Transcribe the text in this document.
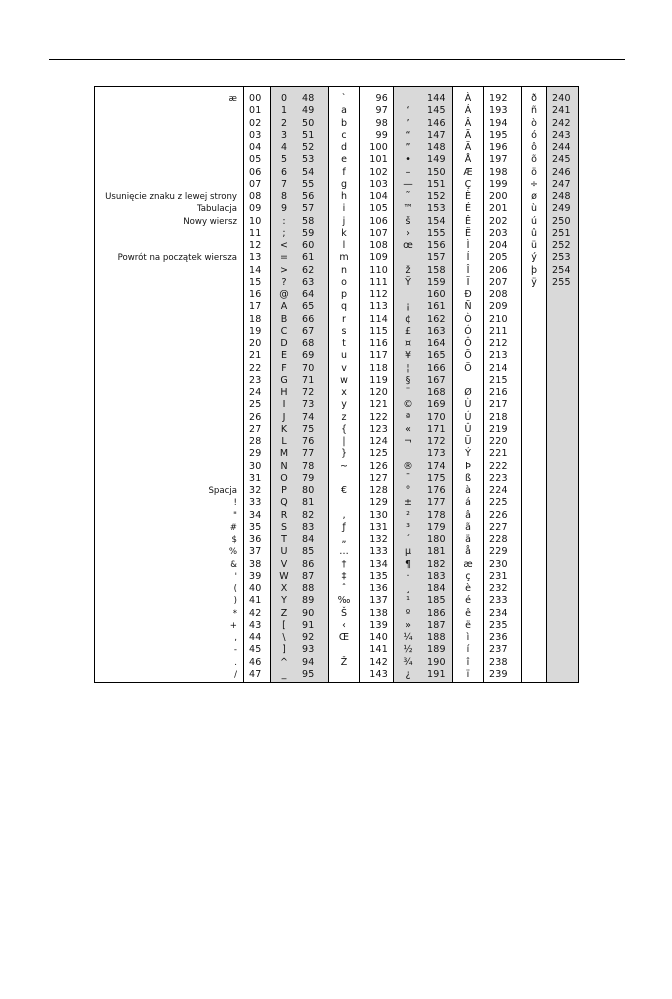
æ
Usunięcie znaku z lewej strony
Tabulacja
Nowy wiersz
Powrót na początek wiersza
Spacja
!
"
#
$
%
&
'
(
)
*
+
,
-
.
/
00
01
02
03
04
05
06
07
08
09
10
11
12
13
14
15
16
17
18
19
20
21
22
23
24
25
26
27
28
29
30
31
32
33
34
35
36
37
38
39
40
41
42
43
44
45
46
47
0
1
2
3
4
5
6
7
8
9
:
;
<
=
>
?
@
A
B
C
D
E
F
G
H
I
J
K
L
M
N
O
P
Q
R
S
T
U
V
W
X
Y
Z
[
\
]
^
_
48
49
50
51
52
53
54
55
56
57
58
59
60
61
62
63
64
65
66
67
68
69
70
71
72
73
74
75
76
77
78
79
80
81
82
83
84
85
86
87
88
89
90
91
92
93
94
95
`
a
b
c
d
e
f
g
h
i
j
k
l
m
n
o
p
q
r
s
t
u
v
w
x
y
z
{
|
}
~
€
‚
ƒ
„
…
†
‡
ˆ
‰
Š
‹
Œ
Ž
96
97
98
99
100
101
102
103
104
105
106
107
108
109
110
111
112
113
114
115
116
117
118
119
120
121
122
123
124
125
126
127
128
129
130
131
132
133
134
135
136
137
138
139
140
141
142
143
‘
’
“
”
•
–
—
˜
™
š
›
œ
ž
Ÿ
¡
¢
£
¤
¥
¦
§
¨
©
ª
«
¬
®
¯
°
±
²
³
´
µ
¶
·
¸
¹
º
»
¼
½
¾
¿
144
145
146
147
148
149
150
151
152
153
154
155
156
157
158
159
160
161
162
163
164
165
166
167
168
169
170
171
172
173
174
175
176
177
178
179
180
181
182
183
184
185
186
187
188
189
190
191
À
Á
Â
Ã
Ä
Å
Æ
Ç
È
É
Ê
Ë
Ì
Í
Î
Ï
Ð
Ñ
Ò
Ó
Ô
Õ
Ö
Ø
Ù
Ú
Û
Ü
Ý
Þ
ß
à
á
â
ã
ä
å
æ
ç
è
é
ê
ë
ì
í
î
ï
192
193
194
195
196
197
198
199
200
201
202
203
204
205
206
207
208
209
210
211
212
213
214
215
216
217
218
219
220
221
222
223
224
225
226
227
228
229
230
231
232
233
234
235
236
237
238
239
ð
ñ
ò
ó
ô
õ
ö
÷
ø
ù
ú
û
ü
ý
þ
ÿ
240
241
242
243
244
245
246
247
248
249
250
251
252
253
254
255
